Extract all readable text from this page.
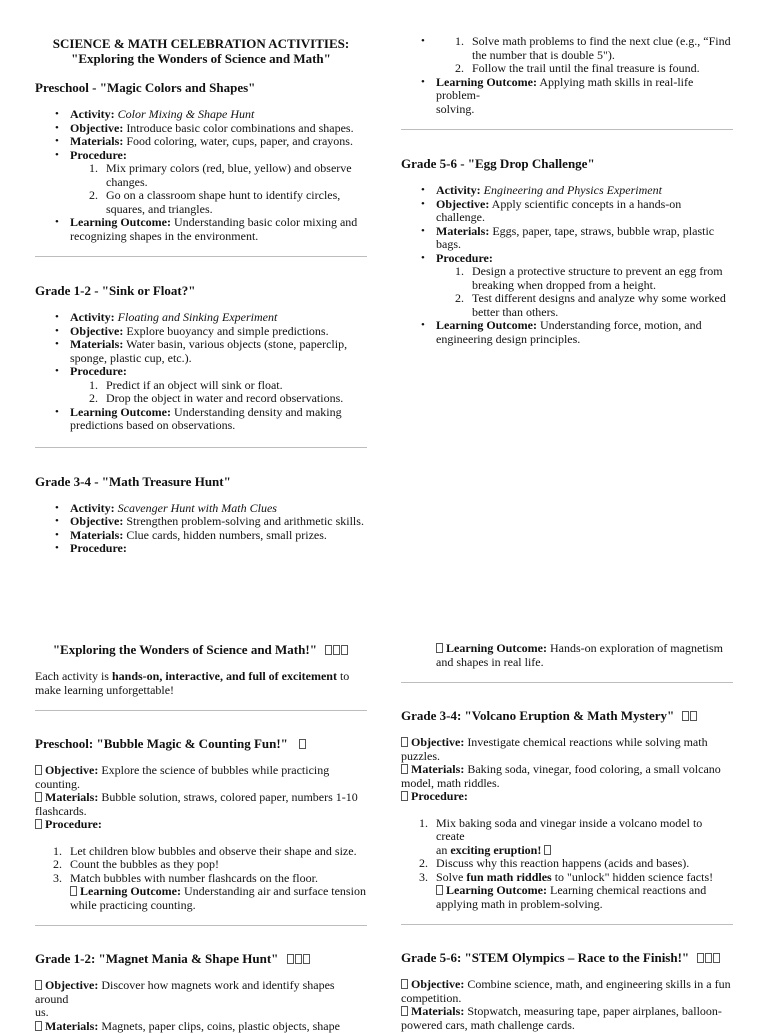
SCIENCE & MATH CELEBRATION ACTIVITIES:
"Exploring the Wonders of Science and Math"
Preschool - "Magic Colors and Shapes"
• Activity: Color Mixing & Shape Hunt
• Objective: Introduce basic color combinations and shapes.
• Materials: Food coloring, water, cups, paper, and crayons.
• Procedure:
1. Mix primary colors (red, blue, yellow) and observe
changes.
2. Go on a classroom shape hunt to identify circles,
squares, and triangles.
• Learning Outcome: Understanding basic color mixing and
recognizing shapes in the environment.
Grade 1-2 - "Sink or Float?"
• Activity: Floating and Sinking Experiment
• Objective: Explore buoyancy and simple predictions.
• Materials: Water basin, various objects (stone, paperclip,
sponge, plastic cup, etc.).
• Procedure:
1. Predict if an object will sink or float.
2. Drop the object in water and record observations.
• Learning Outcome: Understanding density and making
predictions based on observations.
Grade 3-4 - "Math Treasure Hunt"
• Activity: Scavenger Hunt with Math Clues
• Objective: Strengthen problem-solving and arithmetic skills.
• Materials: Clue cards, hidden numbers, small prizes.
• Procedure:
• 1. Solve math problems to find the next clue (e.g., “Find
the number that is double 5").
2. Follow the trail until the final treasure is found.
• Learning Outcome: Applying math skills in real-life problem-
solving.
Grade 5-6 - "Egg Drop Challenge"
• Activity: Engineering and Physics Experiment
• Objective: Apply scientific concepts in a hands-on challenge.
• Materials: Eggs, paper, tape, straws, bubble wrap, plastic
bags.
• Procedure:
1. Design a protective structure to prevent an egg from
breaking when dropped from a height.
2. Test different designs and analyze why some worked
better than others.
• Learning Outcome: Understanding force, motion, and
engineering design principles.
"Exploring the Wonders of Science and Math!"
Each activity is hands-on, interactive, and full of excitement to
make learning unforgettable!
Preschool: "Bubble Magic & Counting Fun!"
Objective: Explore the science of bubbles while practicing
counting.
Materials: Bubble solution, straws, colored paper, numbers 1-10
flashcards.
Procedure:
1. Let children blow bubbles and observe their shape and size.
2. Count the bubbles as they pop!
3. Match bubbles with number flashcards on the floor.
Learning Outcome: Understanding air and surface tension
while practicing counting.
Grade 1-2: "Magnet Mania & Shape Hunt"
Objective: Discover how magnets work and identify shapes around
us.
Materials: Magnets, paper clips, coins, plastic objects, shape
Learning Outcome: Hands-on exploration of magnetism
and shapes in real life.
Grade 3-4: "Volcano Eruption & Math Mystery"
Objective: Investigate chemical reactions while solving math
puzzles.
Materials: Baking soda, vinegar, food coloring, a small volcano
model, math riddles.
Procedure:
1. Mix baking soda and vinegar inside a volcano model to create
an exciting eruption!
2. Discuss why this reaction happens (acids and bases).
3. Solve fun math riddles to "unlock" hidden science facts!
Learning Outcome: Learning chemical reactions and
applying math in problem-solving.
Grade 5-6: "STEM Olympics – Race to the Finish!"
Objective: Combine science, math, and engineering skills in a fun
competition.
Materials: Stopwatch, measuring tape, paper airplanes, balloon-
powered cars, math challenge cards.
